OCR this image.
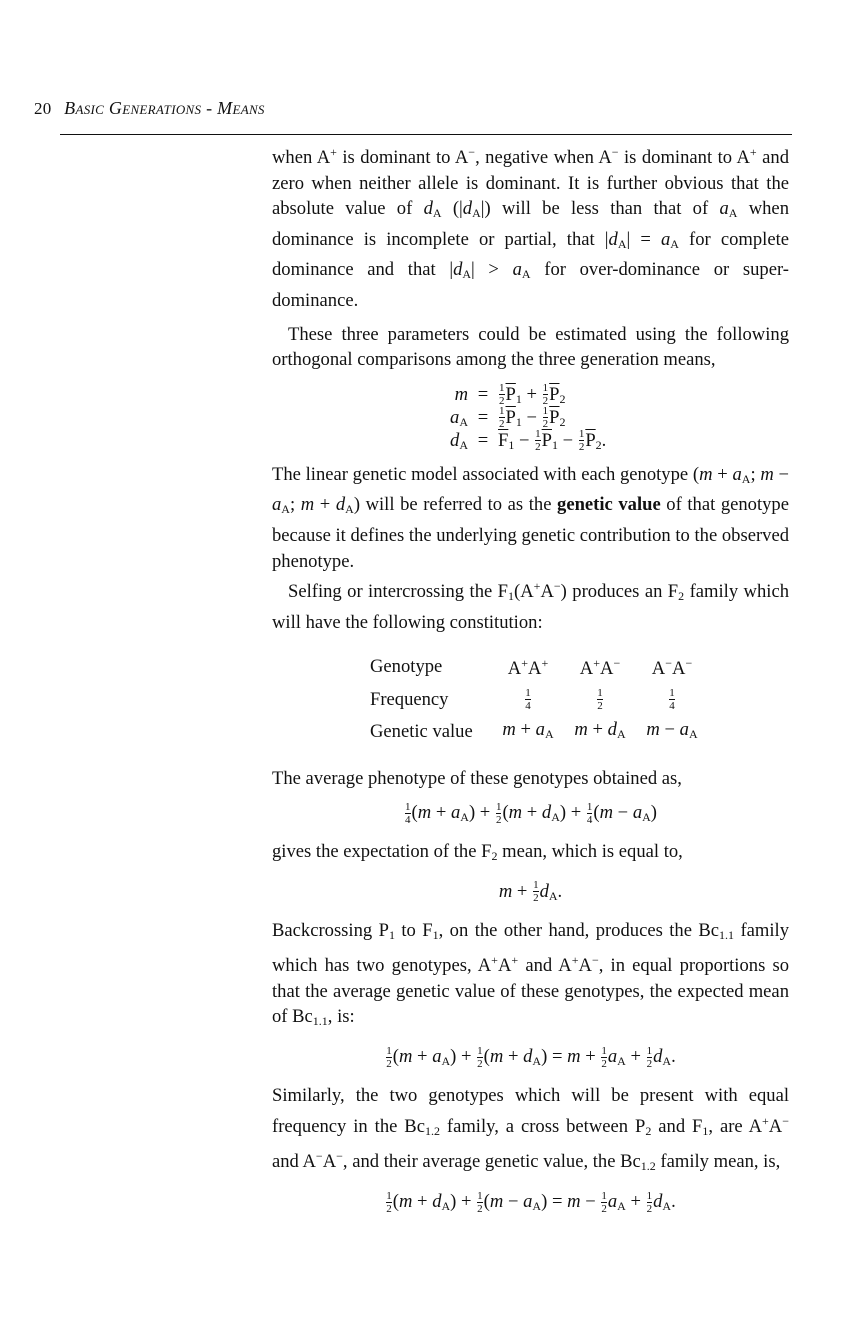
20 Basic Generations - Means

when A+ is dominant to A−, negative when A− is dominant to A+ and zero when neither allele is dominant. It is further obvious that the absolute value of $d_A$ $(|d_A|)$ will be less than that of $a_A$ when dominance is incomplete or partial, that $|d_A| = a_A$ for complete dominance and that $|d_A| > a_A$ for over-dominance or super-dominance.

These three parameters could be estimated using the following orthogonal comparisons among the three generation means,

$m = \frac{1}{2} \overline{P}_1 + \frac{1}{2} \overline{P}_2$
$a_A = \frac{1}{2} \overline{P}_1 - \frac{1}{2} \overline{P}_2$
$d_A = \overline{F}_1 - \frac{1}{2} \overline{P}_1 - \frac{1}{2} \overline{P}_2$.

The linear genetic model associated with each genotype ($m + a_A$; $m - a_A$; $m + d_A$) will be referred to as the genetic value of that genotype because it defines the underlying genetic contribution to the observed phenotype.

Selfing or intercrossing the $F_1(A^+A^-)$ produces an $F_2$ family which will have the following constitution:

Genotype	A+A+	A+A−	A−A−
Frequency	$\frac{1}{4}$	$\frac{1}{2}$	$\frac{1}{4}$

Genetic value	$m + a_A$	$m + d_A$	$m - a_A$

The average phenotype of these genotypes obtained as,

$\frac{1}{4} (m + a_A) + \frac{1}{2} (m + d_A) + \frac{1}{4} (m - a_A)$

gives the expectation of the $F_2$ mean, which is equal to,

$m + \frac{1}{2} d_A$.

Backcrossing $P_1$ to $F_1$, on the other hand, produces the $Bc_{1.1}$ family which has two genotypes, A+A+ and A+A−, in equal proportions so that the average genetic value of these genotypes, the expected mean of $Bc_{1.1}$, is:

$\frac{1}{2} (m + a_A) + \frac{1}{2} (m + d_A) = m + \frac{1}{2} a_A + \frac{1}{2} d_A$.

Similarly, the two genotypes which will be present with equal frequency in the $Bc_{1.2}$ family, a cross between $P_2$ and $F_1$, are A+A− and A−A−, and their average genetic value, the $Bc_{1.2}$ family mean, is,

$\frac{1}{2} (m + d_A) + \frac{1}{2} (m - a_A) = m - \frac{1}{2} a_A + \frac{1}{2} d_A$.
